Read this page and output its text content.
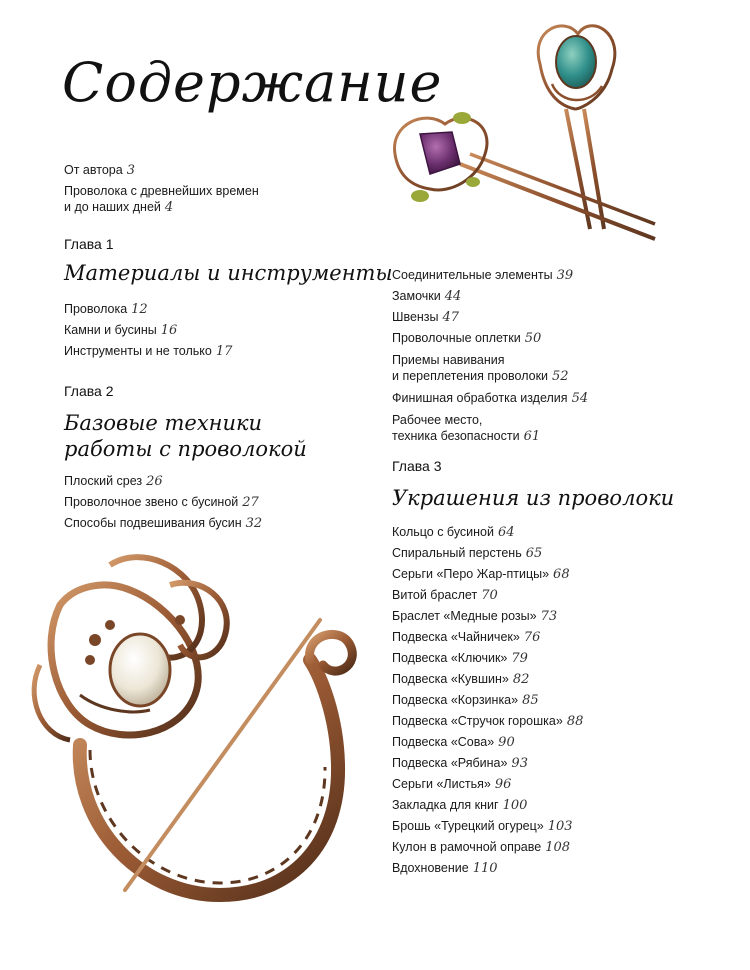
Содержание
От автора 3
Проволока с древнейших времен
и до наших дней 4
Глава 1
Материалы и инструменты
Проволока 12
Камни и бусины 16
Инструменты и не только 17
Глава 2
Базовые техники
работы с проволокой
Плоский срез 26
Проволочное звено с бусиной 27
Способы подвешивания бусин 32
Соединительные элементы 39
Замочки 44
Швензы 47
Проволочные оплетки 50
Приемы навивания
и переплетения проволоки 52
Финишная обработка изделия 54
Рабочее место,
техника безопасности 61
Глава 3
Украшения из проволоки
Кольцо с бусиной 64
Спиральный перстень 65
Серьги «Перо Жар-птицы» 68
Витой браслет 70
Браслет «Медные розы» 73
Подвеска «Чайничек» 76
Подвеска «Ключик» 79
Подвеска «Кувшин» 82
Подвеска «Корзинка» 85
Подвеска «Стручок горошка» 88
Подвеска «Сова» 90
Подвеска «Рябина» 93
Серьги «Листья» 96
Закладка для книг 100
Брошь «Турецкий огурец» 103
Кулон в рамочной оправе 108
Вдохновение 110
